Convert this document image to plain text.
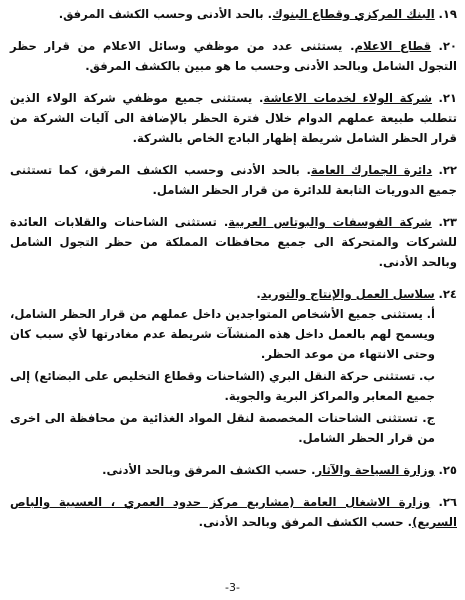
١٩. البنك المركزي وقطاع البنوك. بالحد الأدنى وحسب الكشف المرفق.
٢٠. قطاع الاعلام. يستثنى عدد من موظفي وسائل الاعلام من قرار حظر التجول الشامل وبالحد الأدنى وحسب ما هو مبين بالكشف المرفق.
٢١. شركة الولاء لخدمات الاعاشة. يستثنى جميع موظفي شركة الولاء الذين تتطلب طبيعة عملهم الدوام خلال فترة الحظر بالإضافة الى آليات الشركة من قرار الحظر الشامل شريطة إظهار البادج الخاص بالشركة.
٢٢. دائرة الجمارك العامة. بالحد الأدنى وحسب الكشف المرفق، كما تستثنى جميع الدوريات التابعة للدائرة من قرار الحظر الشامل.
٢٣. شركة الفوسفات والبوتاس العربية. تستثنى الشاحنات والقلابات العائدة للشركات والمتحركة الى جميع محافظات المملكة من حظر التجول الشامل وبالحد الأدنى.
٢٤. سلاسل العمل والإنتاج والتوريد.
أ. يستثنى جميع الأشخاص المتواجدين داخل عملهم من قرار الحظر الشامل، ويسمح لهم بالعمل داخل هذه المنشآت شريطة عدم مغادرتها لأي سبب كان وحتى الانتهاء من موعد الحظر.
ب. تستثنى حركة النقل البري (الشاحنات وقطاع التخليص على البضائع) إلى جميع المعابر والمراكز البرية والجوية.
ج. تستثنى الشاحنات المخصصة لنقل المواد الغذائية من محافظة الى اخرى من قرار الحظر الشامل.
٢٥. وزارة السياحة والآثار. حسب الكشف المرفق وبالحد الأدنى.
٢٦. وزارة الاشغال العامة (مشاريع مركز حدود العمري ، العسبية والباص السريع). حسب الكشف المرفق وبالحد الأدنى.
-3-
